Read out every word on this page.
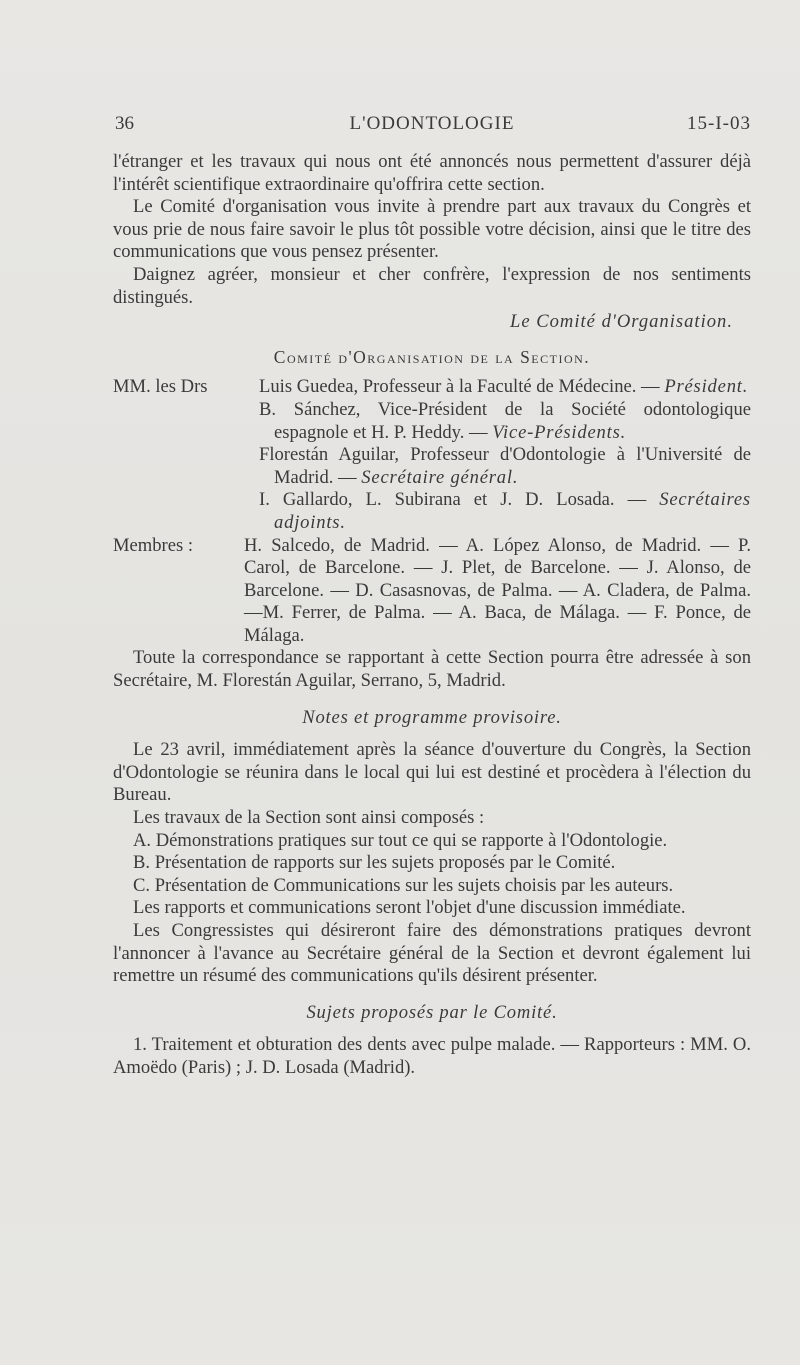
36	L'ODONTOLOGIE	15-I-03

l'étranger et les travaux qui nous ont été annoncés nous permettent d'assurer déjà l'intérêt scientifique extraordinaire qu'offrira cette section.

Le Comité d'organisation vous invite à prendre part aux travaux du Congrès et vous prie de nous faire savoir le plus tôt possible votre décision, ainsi que le titre des communications que vous pensez présenter.

Daignez agréer, monsieur et cher confrère, l'expression de nos sentiments distingués.

Le Comité d'Organisation.

Comité d'Organisation de la Section.

MM. les Drs	Luis Guedea, Professeur à la Faculté de Médecine. — Président.

B. Sánchez, Vice-Président de la Société odontologique espagnole et H. P. Heddy. — Vice-Présidents.

Florestán Aguilar, Professeur d'Odontologie à l'Université de Madrid. — Secrétaire général.

I. Gallardo, L. Subirana et J. D. Losada. — Secrétaires adjoints.

Membres :	H. Salcedo, de Madrid. — A. López Alonso, de Madrid. — P. Carol, de Barcelone. — J. Plet, de Barcelone. — J. Alonso, de Barcelone. — D. Casasnovas, de Palma. — A. Cladera, de Palma. —M. Ferrer, de Palma. — A. Baca, de Málaga. — F. Ponce, de Málaga.

Toute la correspondance se rapportant à cette Section pourra être adressée à son Secrétaire, M. Florestán Aguilar, Serrano, 5, Madrid.

Notes et programme provisoire.

Le 23 avril, immédiatement après la séance d'ouverture du Congrès, la Section d'Odontologie se réunira dans le local qui lui est destiné et procèdera à l'élection du Bureau.

Les travaux de la Section sont ainsi composés :

A. Démonstrations pratiques sur tout ce qui se rapporte à l'Odontologie.

B. Présentation de rapports sur les sujets proposés par le Comité.

C. Présentation de Communications sur les sujets choisis par les auteurs.

Les rapports et communications seront l'objet d'une discussion immédiate.

Les Congressistes qui désireront faire des démonstrations pratiques devront l'annoncer à l'avance au Secrétaire général de la Section et devront également lui remettre un résumé des communications qu'ils désirent présenter.

Sujets proposés par le Comité.

1. Traitement et obturation des dents avec pulpe malade. — Rapporteurs : MM. O. Amoëdo (Paris) ; J. D. Losada (Madrid).
